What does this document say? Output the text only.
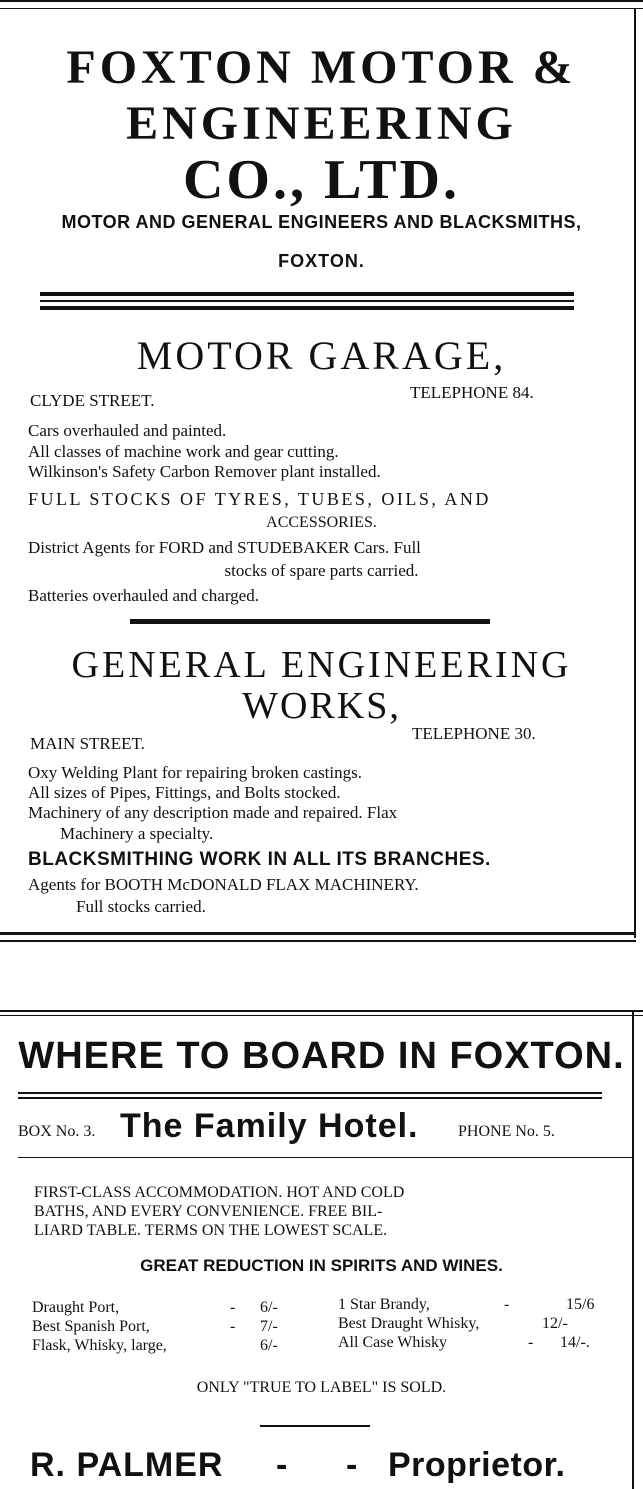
FOXTON MOTOR &
ENGINEERING
CO., LTD.
MOTOR AND GENERAL ENGINEERS AND BLACKSMITHS,
FOXTON.
MOTOR GARAGE,
CLYDE STREET.	TELEPHONE 84.
Cars overhauled and painted.
All classes of machine work and gear cutting.
Wilkinson's Safety Carbon Remover plant installed.
FULL STOCKS OF TYRES, TUBES, OILS, AND
ACCESSORIES.
District Agents for FORD and STUDEBAKER Cars. Full
stocks of spare parts carried.
Batteries overhauled and charged.
GENERAL ENGINEERING
WORKS,
MAIN STREET.
TELEPHONE 30.
Oxy Welding Plant for repairing broken castings.
All sizes of Pipes, Fittings, and Bolts stocked.
Machinery of any description made and repaired. Flax
Machinery a specialty.
BLACKSMITHING WORK IN ALL ITS BRANCHES.
Agents for BOOTH McDONALD FLAX MACHINERY.
Full stocks carried.
WHERE TO BOARD IN FOXTON.
BOX No. 3. The Family Hotel. PHONE No. 5.
FIRST-CLASS ACCOMMODATION. HOT AND COLD
BATHS, AND EVERY CONVENIENCE. FREE BIL-
LIARD TABLE. TERMS ON THE LOWEST SCALE.
GREAT REDUCTION IN SPIRITS AND WINES.
Draught Port,	- 6/-
Best Spanish Port,	- 7/-
Flask, Whisky, large,	6/-
1 Star Brandy,	-	15/6
Best Draught Whisky,	12/-
All Case Whisky	- 14/-.
ONLY "TRUE TO LABEL" IS SOLD.
R. PALMER - - Proprietor.
